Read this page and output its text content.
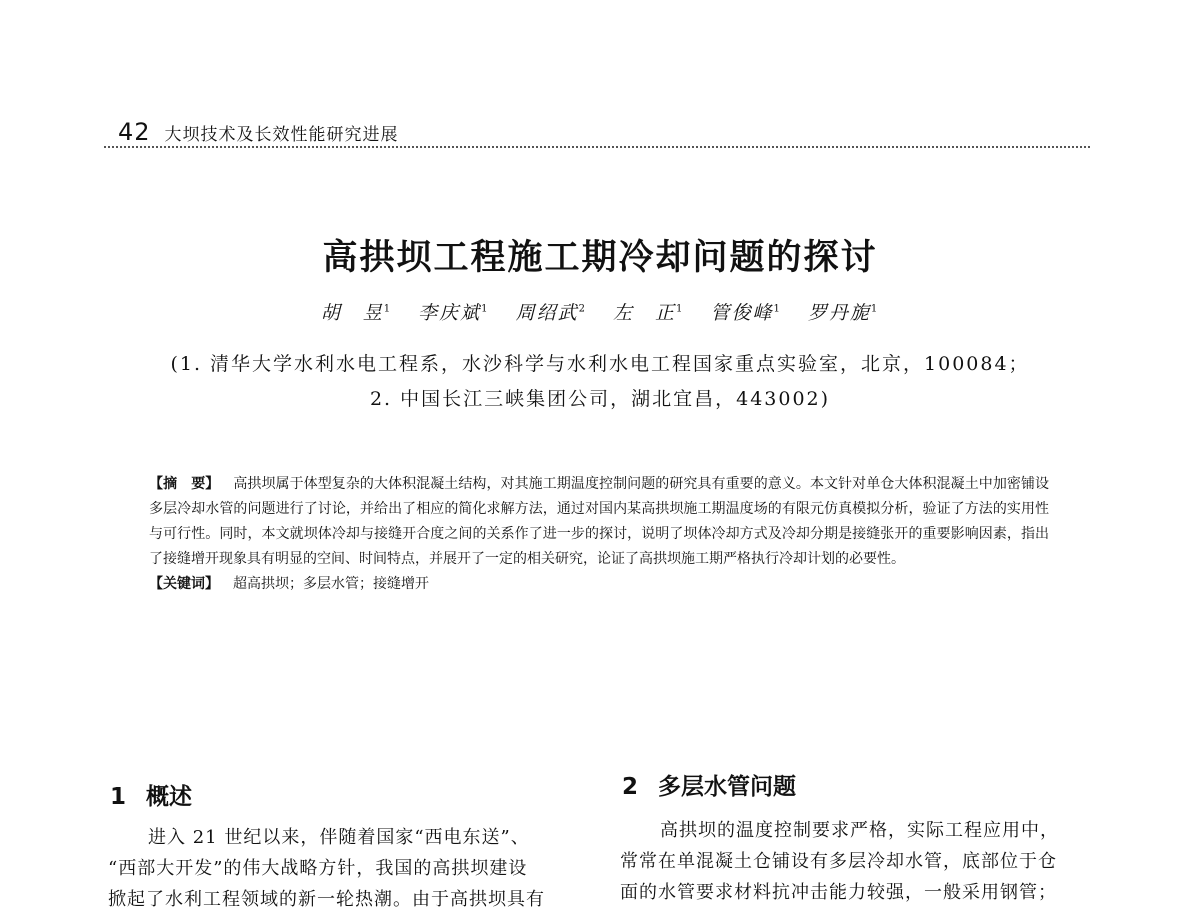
42 大坝技术及长效性能研究进展
高拱坝工程施工期冷却问题的探讨
胡　昱$^1$ 李庆斌$^1$ 周绍武$^2$ 左　正$^1$ 管俊峰$^1$ 罗丹旎$^1$
(1. 清华大学水利水电工程系，水沙科学与水利水电工程国家重点实验室，北京，100084；
2. 中国长江三峡集团公司，湖北宜昌，443002)

【摘　要】 高拱坝属于体型复杂的大体积混凝土结构，对其施工期温度控制问题的研究具有重要的意义。本文针对单仓大体积混凝土中加密铺设多层冷却水管的问题进行了讨论，并给出了相应的简化求解方法，通过对国内某高拱坝施工期温度场的有限元仿真模拟分析，验证了方法的实用性与可行性。同时，本文就坝体冷却与接缝开合度之间的关系作了进一步的探讨，说明了坝体冷却方式及冷却分期是接缝张开的重要影响因素，指出了接缝增开现象具有明显的空间、时间特点，并展开了一定的相关研究，论证了高拱坝施工期严格执行冷却计划的必要性。

【关键词】 超高拱坝；多层水管；接缝增开

1 概述
进入 21 世纪以来，伴随着国家“西电东送”、
“西部大开发”的伟大战略方针，我国的高拱坝建设
掀起了水利工程领域的新一轮热潮。由于高拱坝具有
2 多层水管问题
高拱坝的温度控制要求严格，实际工程应用中，
常常在单混凝土仓铺设有多层冷却水管，底部位于仓
面的水管要求材料抗冲击能力较强，一般采用钢管；
